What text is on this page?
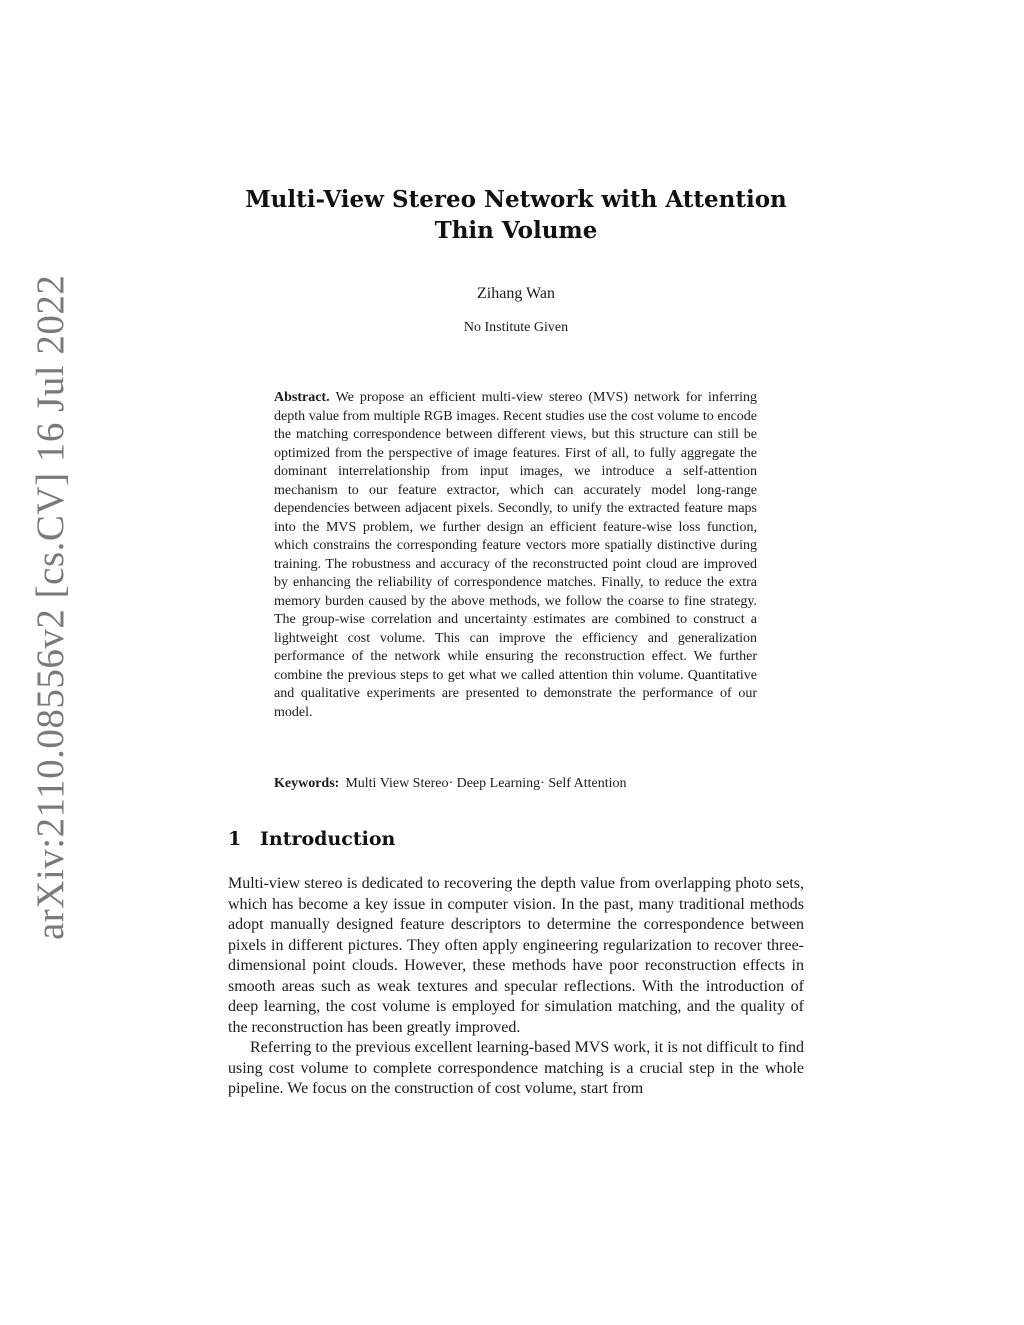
arXiv:2110.08556v2 [cs.CV] 16 Jul 2022
Multi-View Stereo Network with Attention Thin Volume
Zihang Wan
No Institute Given
Abstract. We propose an efficient multi-view stereo (MVS) network for inferring depth value from multiple RGB images. Recent studies use the cost volume to encode the matching correspondence between different views, but this structure can still be optimized from the perspective of image features. First of all, to fully aggregate the dominant interrelationship from input images, we introduce a self-attention mechanism to our feature extractor, which can accurately model long-range dependencies between adjacent pixels. Secondly, to unify the extracted feature maps into the MVS problem, we further design an efficient feature-wise loss function, which constrains the corresponding feature vectors more spatially distinctive during training. The robustness and accuracy of the reconstructed point cloud are improved by enhancing the reliability of correspondence matches. Finally, to reduce the extra memory burden caused by the above methods, we follow the coarse to fine strategy. The group-wise correlation and uncertainty estimates are combined to construct a lightweight cost volume. This can improve the efficiency and generalization performance of the network while ensuring the reconstruction effect. We further combine the previous steps to get what we called attention thin volume. Quantitative and qualitative experiments are presented to demonstrate the performance of our model.
Keywords: Multi View Stereo· Deep Learning· Self Attention
1 Introduction

Multi-view stereo is dedicated to recovering the depth value from overlapping photo sets, which has become a key issue in computer vision. In the past, many traditional methods adopt manually designed feature descriptors to determine the correspondence between pixels in different pictures. They often apply engineering regularization to recover three-dimensional point clouds. However, these methods have poor reconstruction effects in smooth areas such as weak textures and specular reflections. With the introduction of deep learning, the cost volume is employed for simulation matching, and the quality of the reconstruction has been greatly improved.

Referring to the previous excellent learning-based MVS work, it is not difficult to find using cost volume to complete correspondence matching is a crucial step in the whole pipeline. We focus on the construction of cost volume, start from
